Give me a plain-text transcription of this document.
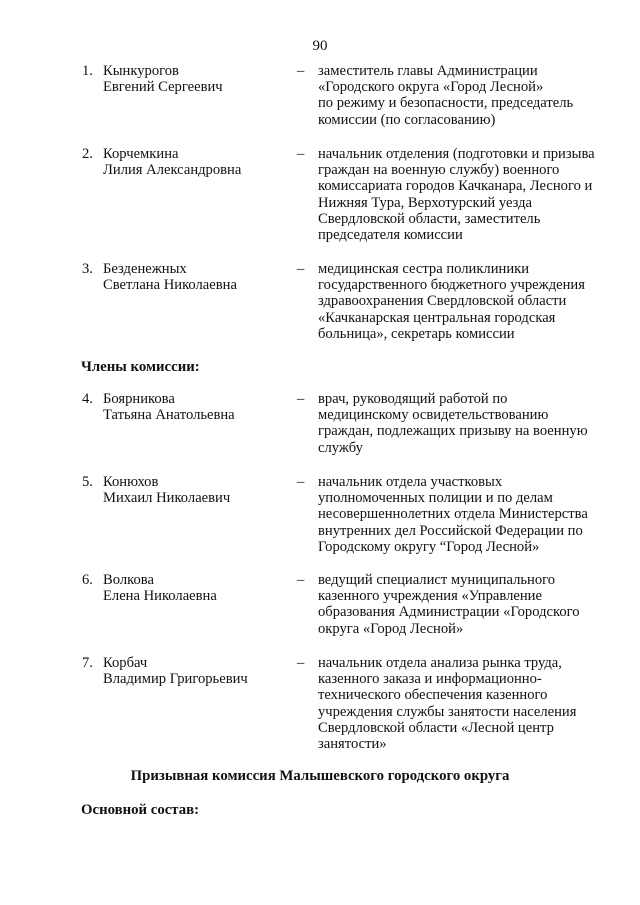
90
1. Кынкурогов
Евгений Сергеевич
– заместитель главы Администрации
«Городского округа «Город Лесной»
по режиму и безопасности, председатель
комиссии (по согласованию)
2. Корчемкина
Лилия Александровна
– начальник отделения (подготовки и призыва
граждан на военную службу) военного
комиссариата городов Качканара, Лесного и
Нижняя Тура, Верхотурский уезда
Свердловской области, заместитель
председателя комиссии
3. Безденежных
Светлана Николаевна
– медицинская сестра поликлиники
государственного бюджетного учреждения
здравоохранения Свердловской области
«Качканарская центральная городская
больница», секретарь комиссии
Члены комиссии:
4. Боярникова
Татьяна Анатольевна
– врач, руководящий работой по
медицинскому освидетельствованию
граждан, подлежащих призыву на военную
службу
5. Конюхов
Михаил Николаевич
– начальник отдела участковых
уполномоченных полиции и по делам
несовершеннолетних отдела Министерства
внутренних дел Российской Федерации по
Городскому округу “Город Лесной»
6. Волкова
Елена Николаевна
– ведущий специалист муниципального
казенного учреждения «Управление
образования Администрации «Городского
округа «Город Лесной»
7. Корбач
Владимир Григорьевич
– начальник отдела анализа рынка труда,
казенного заказа и информационно-
технического обеспечения казенного
учреждения службы занятости населения
Свердловской области «Лесной центр
занятости»
Призывная комиссия Малышевского городского округа
Основной состав:
